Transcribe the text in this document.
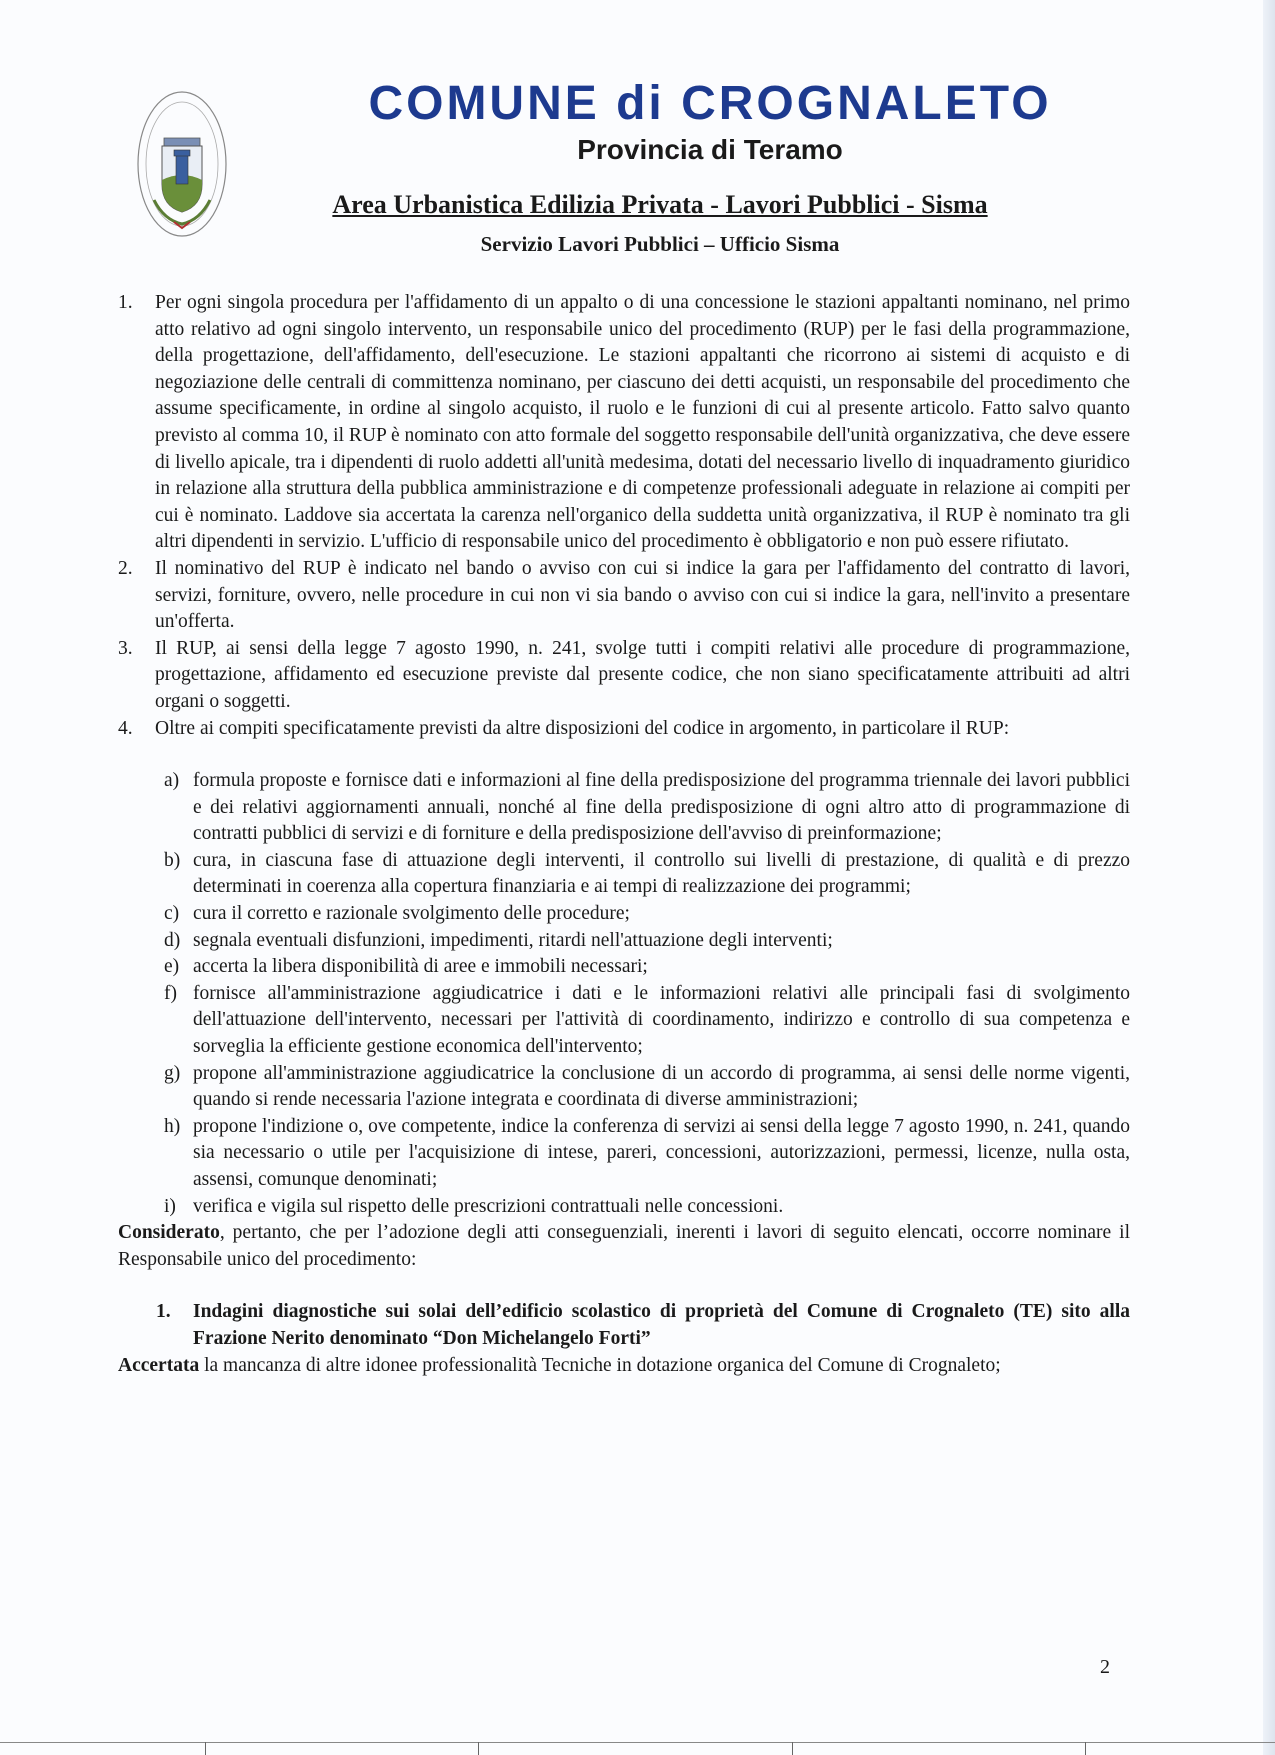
COMUNE di CROGNALETO
Provincia di Teramo
Area Urbanistica Edilizia Privata - Lavori Pubblici - Sisma
Servizio Lavori Pubblici – Ufficio Sisma
1. Per ogni singola procedura per l'affidamento di un appalto o di una concessione le stazioni appaltanti nominano, nel primo atto relativo ad ogni singolo intervento, un responsabile unico del procedimento (RUP) per le fasi della programmazione, della progettazione, dell'affidamento, dell'esecuzione. Le stazioni appaltanti che ricorrono ai sistemi di acquisto e di negoziazione delle centrali di committenza nominano, per ciascuno dei detti acquisti, un responsabile del procedimento che assume specificamente, in ordine al singolo acquisto, il ruolo e le funzioni di cui al presente articolo. Fatto salvo quanto previsto al comma 10, il RUP è nominato con atto formale del soggetto responsabile dell'unità organizzativa, che deve essere di livello apicale, tra i dipendenti di ruolo addetti all'unità medesima, dotati del necessario livello di inquadramento giuridico in relazione alla struttura della pubblica amministrazione e di competenze professionali adeguate in relazione ai compiti per cui è nominato. Laddove sia accertata la carenza nell'organico della suddetta unità organizzativa, il RUP è nominato tra gli altri dipendenti in servizio. L'ufficio di responsabile unico del procedimento è obbligatorio e non può essere rifiutato.

2. Il nominativo del RUP è indicato nel bando o avviso con cui si indice la gara per l'affidamento del contratto di lavori, servizi, forniture, ovvero, nelle procedure in cui non vi sia bando o avviso con cui si indice la gara, nell'invito a presentare un'offerta.

3. Il RUP, ai sensi della legge 7 agosto 1990, n. 241, svolge tutti i compiti relativi alle procedure di programmazione, progettazione, affidamento ed esecuzione previste dal presente codice, che non siano specificatamente attribuiti ad altri organi o soggetti.

4. Oltre ai compiti specificatamente previsti da altre disposizioni del codice in argomento, in particolare il RUP:

a) formula proposte e fornisce dati e informazioni al fine della predisposizione del programma triennale dei lavori pubblici e dei relativi aggiornamenti annuali, nonché al fine della predisposizione di ogni altro atto di programmazione di contratti pubblici di servizi e di forniture e della predisposizione dell'avviso di preinformazione;

b) cura, in ciascuna fase di attuazione degli interventi, il controllo sui livelli di prestazione, di qualità e di prezzo determinati in coerenza alla copertura finanziaria e ai tempi di realizzazione dei programmi;

c) cura il corretto e razionale svolgimento delle procedure;

d) segnala eventuali disfunzioni, impedimenti, ritardi nell'attuazione degli interventi;

e) accerta la libera disponibilità di aree e immobili necessari;

f) fornisce all'amministrazione aggiudicatrice i dati e le informazioni relativi alle principali fasi di svolgimento dell'attuazione dell'intervento, necessari per l'attività di coordinamento, indirizzo e controllo di sua competenza e sorveglia la efficiente gestione economica dell'intervento;

g) propone all'amministrazione aggiudicatrice la conclusione di un accordo di programma, ai sensi delle norme vigenti, quando si rende necessaria l'azione integrata e coordinata di diverse amministrazioni;

h) propone l'indizione o, ove competente, indice la conferenza di servizi ai sensi della legge 7 agosto 1990, n. 241, quando sia necessario o utile per l'acquisizione di intese, pareri, concessioni, autorizzazioni, permessi, licenze, nulla osta, assensi, comunque denominati;

i) verifica e vigila sul rispetto delle prescrizioni contrattuali nelle concessioni.

Considerato, pertanto, che per l’adozione degli atti conseguenziali, inerenti i lavori di seguito elencati, occorre nominare il Responsabile unico del procedimento:

1. Indagini diagnostiche sui solai dell’edificio scolastico di proprietà del Comune di Crognaleto (TE) sito alla Frazione Nerito denominato “Don Michelangelo Forti”

Accertata la mancanza di altre idonee professionalità Tecniche in dotazione organica del Comune di Crognaleto;

2
